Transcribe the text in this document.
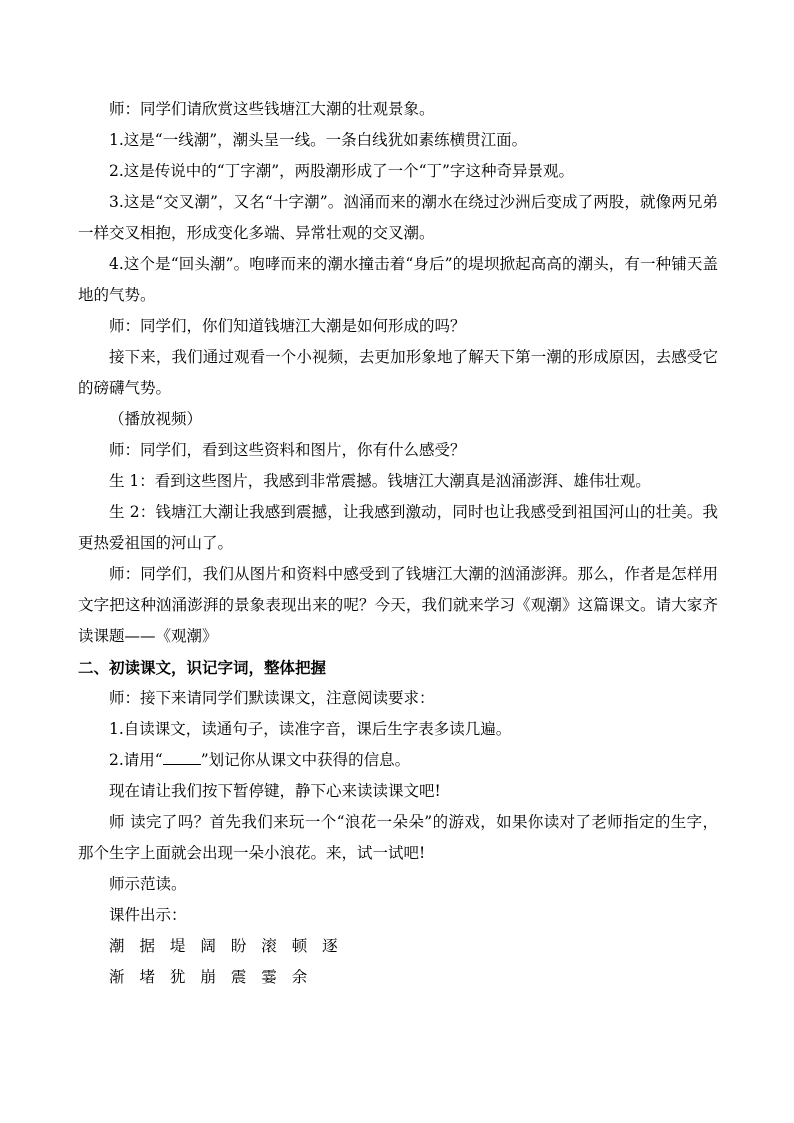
师：同学们请欣赏这些钱塘江大潮的壮观景象。

1.这是“一线潮”，潮头呈一线。一条白线犹如素练横贯江面。

2.这是传说中的“丁字潮”，两股潮形成了一个“丁”字这种奇异景观。

3.这是“交叉潮”，又名“十字潮”。汹涌而来的潮水在绕过沙洲后变成了两股，就像两兄弟一样交叉相抱，形成变化多端、异常壮观的交叉潮。

4.这个是“回头潮”。咆哮而来的潮水撞击着“身后”的堤坝掀起高高的潮头，有一种铺天盖地的气势。

师：同学们，你们知道钱塘江大潮是如何形成的吗？

接下来，我们通过观看一个小视频，去更加形象地了解天下第一潮的形成原因，去感受它的磅礴气势。

（播放视频）

师：同学们，看到这些资料和图片，你有什么感受？

生 1：看到这些图片，我感到非常震撼。钱塘江大潮真是汹涌澎湃、雄伟壮观。

生 2：钱塘江大潮让我感到震撼，让我感到激动，同时也让我感受到祖国河山的壮美。我更热爱祖国的河山了。

师：同学们，我们从图片和资料中感受到了钱塘江大潮的汹涌澎湃。那么，作者是怎样用文字把这种汹涌澎湃的景象表现出来的呢？今天，我们就来学习《观潮》这篇课文。请大家齐读课题——《观潮》

二、初读课文，识记字词，整体把握

师：接下来请同学们默读课文，注意阅读要求：

1.自读课文，读通句子，读准字音，课后生字表多读几遍。

2.请用“ ”划记你从课文中获得的信息。

现在请让我们按下暂停键，静下心来读读课文吧!

师 读完了吗？首先我们来玩一个“浪花一朵朵”的游戏，如果你读对了老师指定的生字，那个生字上面就会出现一朵小浪花。来，试一试吧!

师示范读。

课件出示：

潮 据 堤 阔 盼 滚 顿 逐

渐 堵 犹 崩 震 霎 余
